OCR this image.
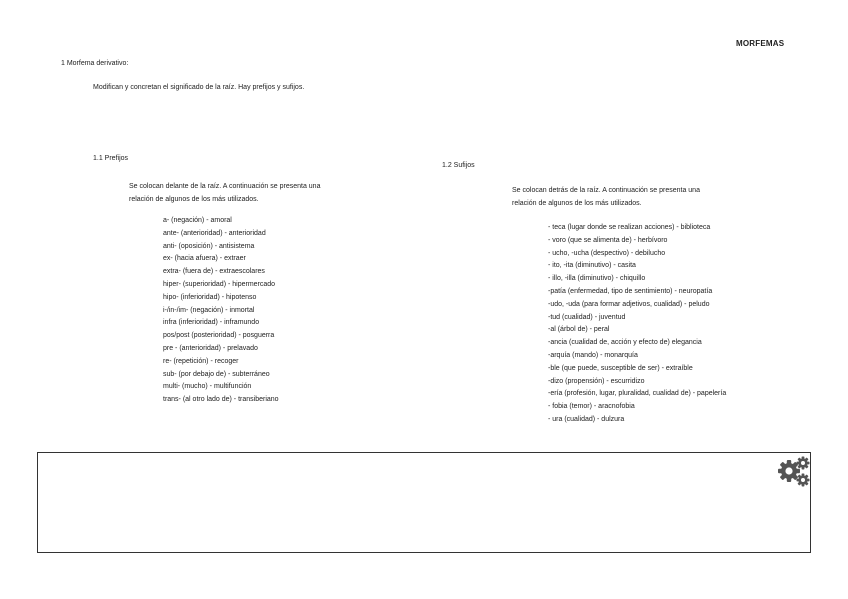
MORFEMAS
1 Morfema derivativo:
Modifican y concretan el significado de la raíz. Hay prefijos y sufijos.
1.1 Prefijos
Se colocan delante de la raíz. A continuación se presenta una
relación de algunos de los más utilizados.
a- (negación) - amoral
ante- (anterioridad) - anterioridad
anti- (oposición) - antisistema
ex- (hacia afuera) - extraer
extra- (fuera de) - extraescolares
hiper- (superioridad) - hipermercado
hipo- (inferioridad) - hipotenso
i-/in-/im- (negación) - inmortal
infra (inferioridad) - inframundo
pos/post (posterioridad) - posguerra
pre - (anterioridad) - prelavado
re- (repetición) - recoger
sub- (por debajo de) - subterráneo
multi- (mucho) - multifunción
trans- (al otro lado de) - transiberiano
1.2 Sufijos
Se colocan detrás de la raíz. A continuación se presenta una
relación de algunos de los más utilizados.
- teca (lugar donde se realizan acciones) - biblioteca
- voro (que se alimenta de) - herbívoro
- ucho, -ucha (despectivo) - debilucho
- ito, -ita (diminutivo) - casita
- illo, -illa (diminutivo) - chiquillo
-patía (enfermedad, tipo de sentimiento) - neuropatía
-udo, -uda (para formar adjetivos, cualidad) - peludo
-tud (cualidad) - juventud
-al (árbol de) - peral
-ancia (cualidad de, acción y efecto de) elegancia
-arquía (mando) - monarquía
-ble (que puede, susceptible de ser) - extraíble
-dizo (propensión) - escurridizo
-ería (profesión, lugar, pluralidad, cualidad de) - papelería
- fobia (temor) - aracnofobia
- ura (cualidad) - dulzura
